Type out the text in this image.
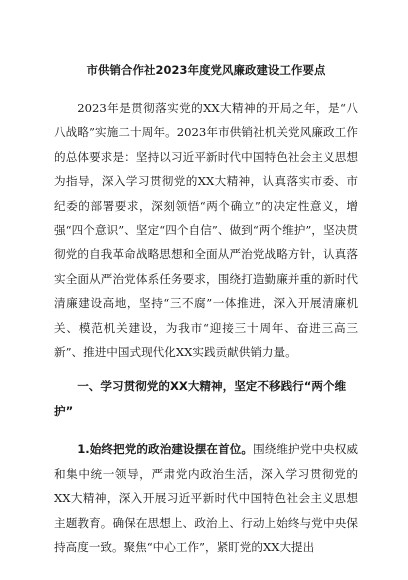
市供销合作社2023年度党风廉政建设工作要点

2023年是贯彻落实党的XX大精神的开局之年，是“八八战略”实施二十周年。2023年市供销社机关党风廉政工作的总体要求是：坚持以习近平新时代中国特色社会主义思想为指导，深入学习贯彻党的XX大精神，认真落实市委、市纪委的部署要求，深刻领悟“两个确立”的决定性意义，增强“四个意识”、坚定“四个自信”、做到“两个维护”，坚决贯彻党的自我革命战略思想和全面从严治党战略方针，认真落实全面从严治党体系任务要求，围绕打造勤廉并重的新时代清廉建设高地，坚持“三不腐”一体推进，深入开展清廉机关、模范机关建设，为我市“迎接三十周年、奋进三高三新”、推进中国式现代化XX实践贡献供销力量。

一、学习贯彻党的XX大精神，坚定不移践行“两个维护”

1.始终把党的政治建设摆在首位。围绕维护党中央权威和集中统一领导，严肃党内政治生活，深入学习贯彻党的XX大精神，深入开展习近平新时代中国特色社会主义思想主题教育。确保在思想上、政治上、行动上始终与党中央保持高度一致。聚焦“中心工作”，紧盯党的XX大提出
